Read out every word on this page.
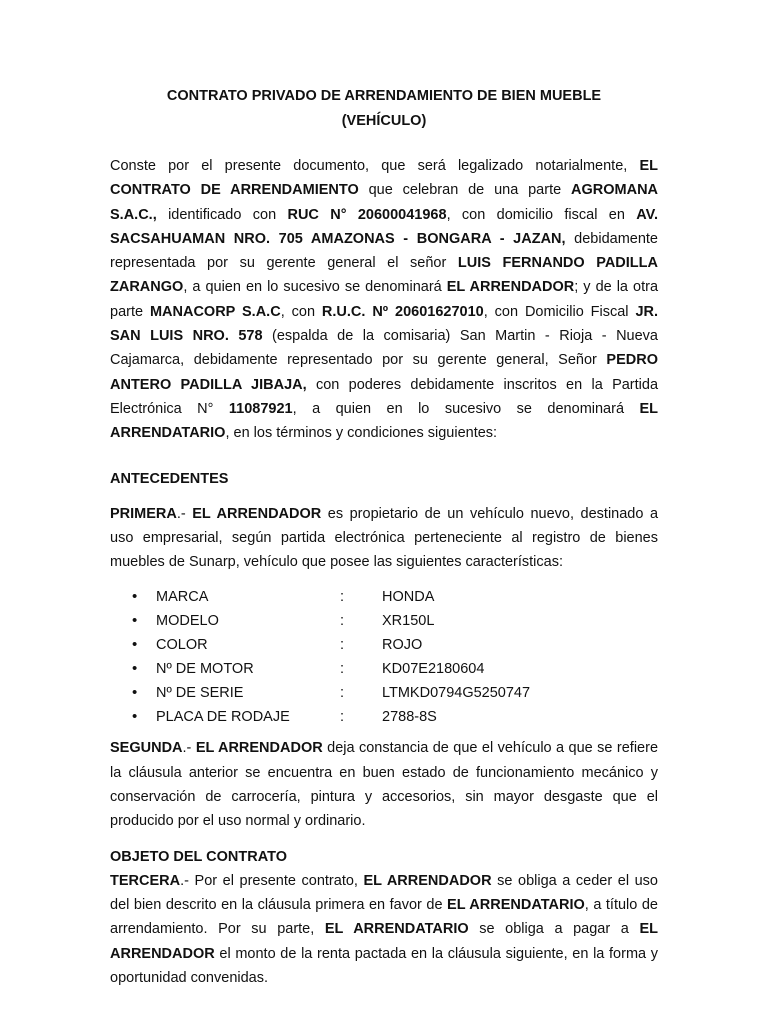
CONTRATO PRIVADO DE ARRENDAMIENTO DE BIEN MUEBLE

(VEHÍCULO)

Conste por el presente documento, que será legalizado notarialmente, EL CONTRATO DE ARRENDAMIENTO que celebran de una parte AGROMANA S.A.C., identificado con RUC N° 20600041968, con domicilio fiscal en AV. SACSAHUAMAN NRO. 705 AMAZONAS - BONGARA - JAZAN, debidamente representada por su gerente general el señor LUIS FERNANDO PADILLA ZARANGO, a quien en lo sucesivo se denominará EL ARRENDADOR; y de la otra parte MANACORP S.A.C, con R.U.C. Nº 20601627010, con Domicilio Fiscal JR. SAN LUIS NRO. 578 (espalda de la comisaria) San Martin - Rioja - Nueva Cajamarca, debidamente representado por su gerente general, Señor PEDRO ANTERO PADILLA JIBAJA, con poderes debidamente inscritos en la Partida Electrónica N° 11087921, a quien en lo sucesivo se denominará EL ARRENDATARIO, en los términos y condiciones siguientes:

ANTECEDENTES

PRIMERA.- EL ARRENDADOR es propietario de un vehículo nuevo, destinado a uso empresarial, según partida electrónica perteneciente al registro de bienes muebles de Sunarp, vehículo que posee las siguientes características:

•
MARCA	:	HONDA
•
MODELO	:	XR150L
•
COLOR	:	ROJO
•
Nº DE MOTOR	:	KD07E2180604
•
Nº DE SERIE	:	LTMKD0794G5250747
•
PLACA DE RODAJE	:	2788-8S

SEGUNDA.- EL ARRENDADOR deja constancia de que el vehículo a que se refiere la cláusula anterior se encuentra en buen estado de funcionamiento mecánico y conservación de carrocería, pintura y accesorios, sin mayor desgaste que el producido por el uso normal y ordinario.

OBJETO DEL CONTRATO

TERCERA.- Por el presente contrato, EL ARRENDADOR se obliga a ceder el uso del bien descrito en la cláusula primera en favor de EL ARRENDATARIO, a título de arrendamiento. Por su parte, EL ARRENDATARIO se obliga a pagar a EL ARRENDADOR el monto de la renta pactada en la cláusula siguiente, en la forma y oportunidad convenidas.
